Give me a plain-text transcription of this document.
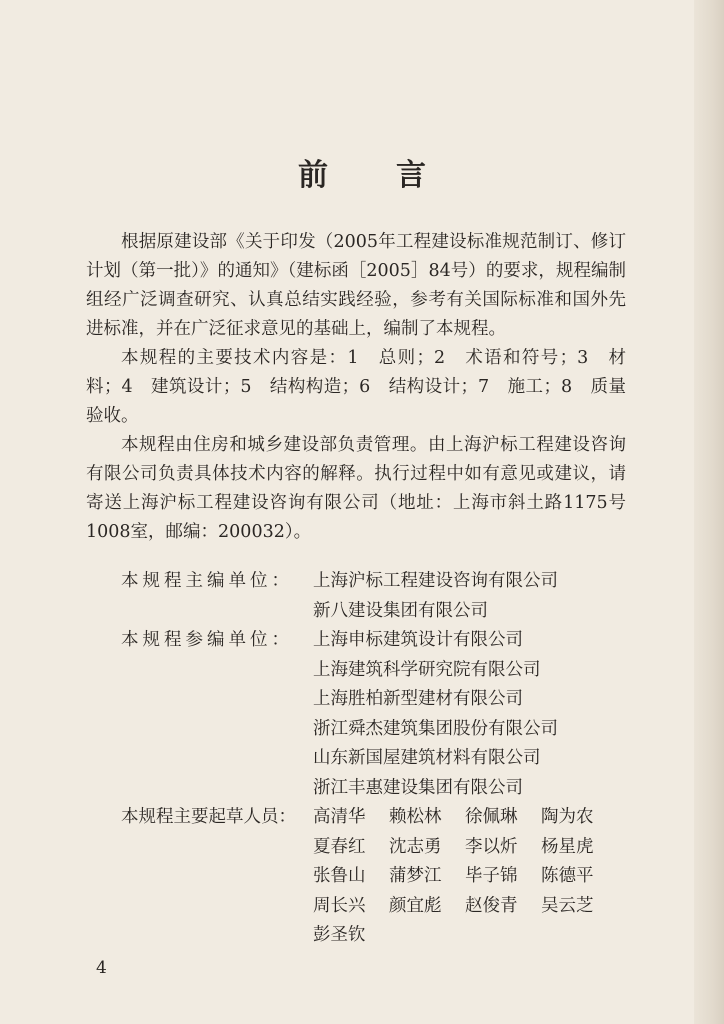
前 言

根据原建设部《关于印发（2005年工程建设标准规范制订、修订计划（第一批）》的通知》（建标函［2005］84号）的要求，规程编制组经广泛调查研究、认真总结实践经验，参考有关国际标准和国外先进标准，并在广泛征求意见的基础上，编制了本规程。

本规程的主要技术内容是：1　总则；2　术语和符号；3　材料；4　建筑设计；5　结构构造；6　结构设计；7　施工；8　质量验收。

本规程由住房和城乡建设部负责管理。由上海沪标工程建设咨询有限公司负责具体技术内容的解释。执行过程中如有意见或建议，请寄送上海沪标工程建设咨询有限公司（地址：上海市斜土路1175号1008室，邮编：200032）。

本规程主编单位：	上海沪标工程建设咨询有限公司
新八建设集团有限公司
本规程参编单位：	上海申标建筑设计有限公司
上海建筑科学研究院有限公司
上海胜柏新型建材有限公司
浙江舜杰建筑集团股份有限公司
山东新国屋建筑材料有限公司
浙江丰惠建设集团有限公司
本规程主要起草人员： 高清华	赖松林	徐佩琳	陶为农
夏春红	沈志勇	李以炘	杨星虎
张鲁山	蒲梦江	毕子锦	陈德平
周长兴	颜宜彪	赵俊青	吴云芝
彭圣钦
4
